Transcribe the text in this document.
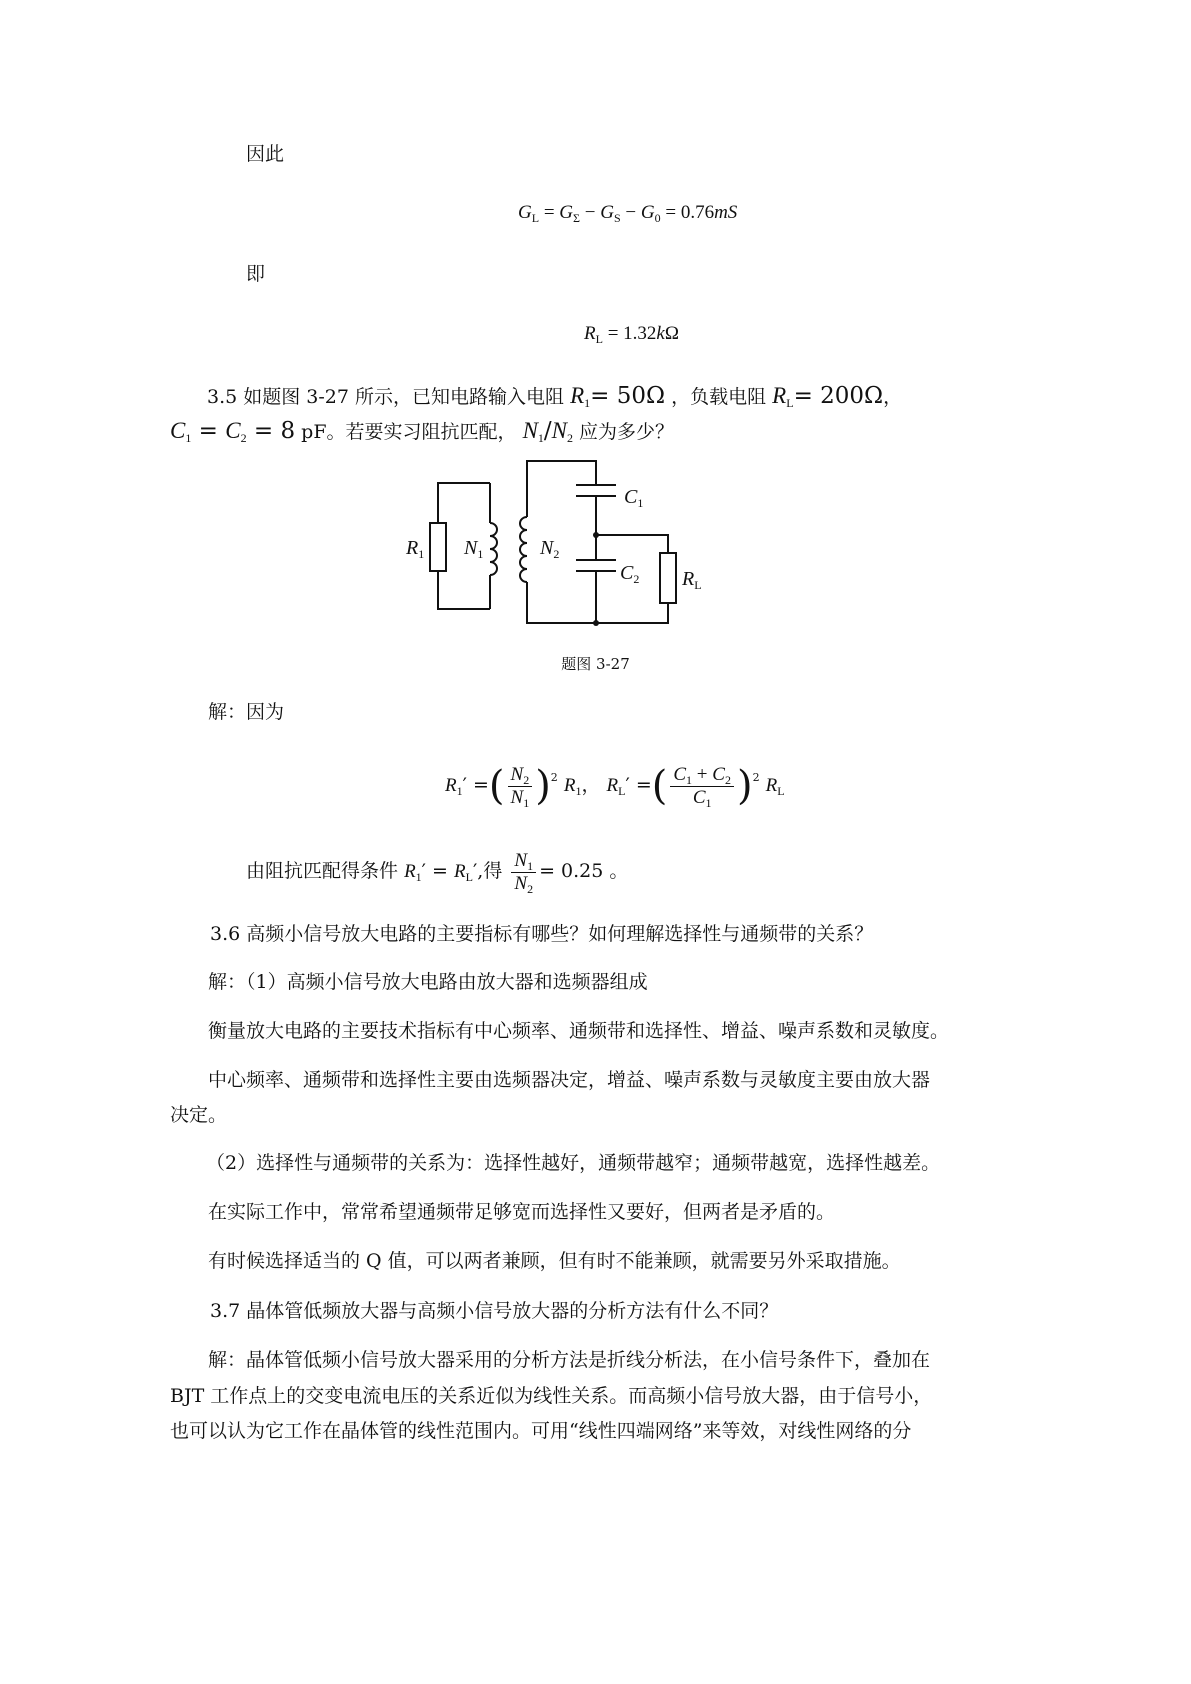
因此
$G_L = G_\Sigma - G_S - G_0 = 0.76mS$
即
$R_L = 1.32k\Omega$
3.5 如题图 3-27 所示，已知电路输入电阻 $R_1= 50\Omega$ ，负载电阻 $R_L= 200\Omega$，
$C_1 = C_2 = 8$ pF。若要实习阻抗匹配， $N_1/N_2$ 应为多少？
$R_1$ $N_1$	$N_2$
$C_1$
$C_2$ $R_L$
题图 3-27
解：因为
$R_1'$ =( $\frac{N_2}{N_1} )^2$ $R_1$， $R_L'$ =( $\frac{C_1 + C_2}{C_1} )^2$ $R_L$
由阻抗匹配得条件 $R_1' = R_L'$,得 $\frac{N_1}{N_2} = 0.25$ 。
3.6 高频小信号放大电路的主要指标有哪些？如何理解选择性与通频带的关系？
解：（1）高频小信号放大电路由放大器和选频器组成
衡量放大电路的主要技术指标有中心频率、通频带和选择性、增益、噪声系数和灵敏度。
中心频率、通频带和选择性主要由选频器决定，增益、噪声系数与灵敏度主要由放大器
决定。
（2）选择性与通频带的关系为：选择性越好，通频带越窄；通频带越宽，选择性越差。
在实际工作中，常常希望通频带足够宽而选择性又要好，但两者是矛盾的。
有时候选择适当的 Q 值，可以两者兼顾，但有时不能兼顾，就需要另外采取措施。
3.7 晶体管低频放大器与高频小信号放大器的分析方法有什么不同？
解：晶体管低频小信号放大器采用的分析方法是折线分析法，在小信号条件下，叠加在
BJT 工作点上的交变电流电压的关系近似为线性关系。而高频小信号放大器，由于信号小，
也可以认为它工作在晶体管的线性范围内。可用“线性四端网络”来等效，对线性网络的分
